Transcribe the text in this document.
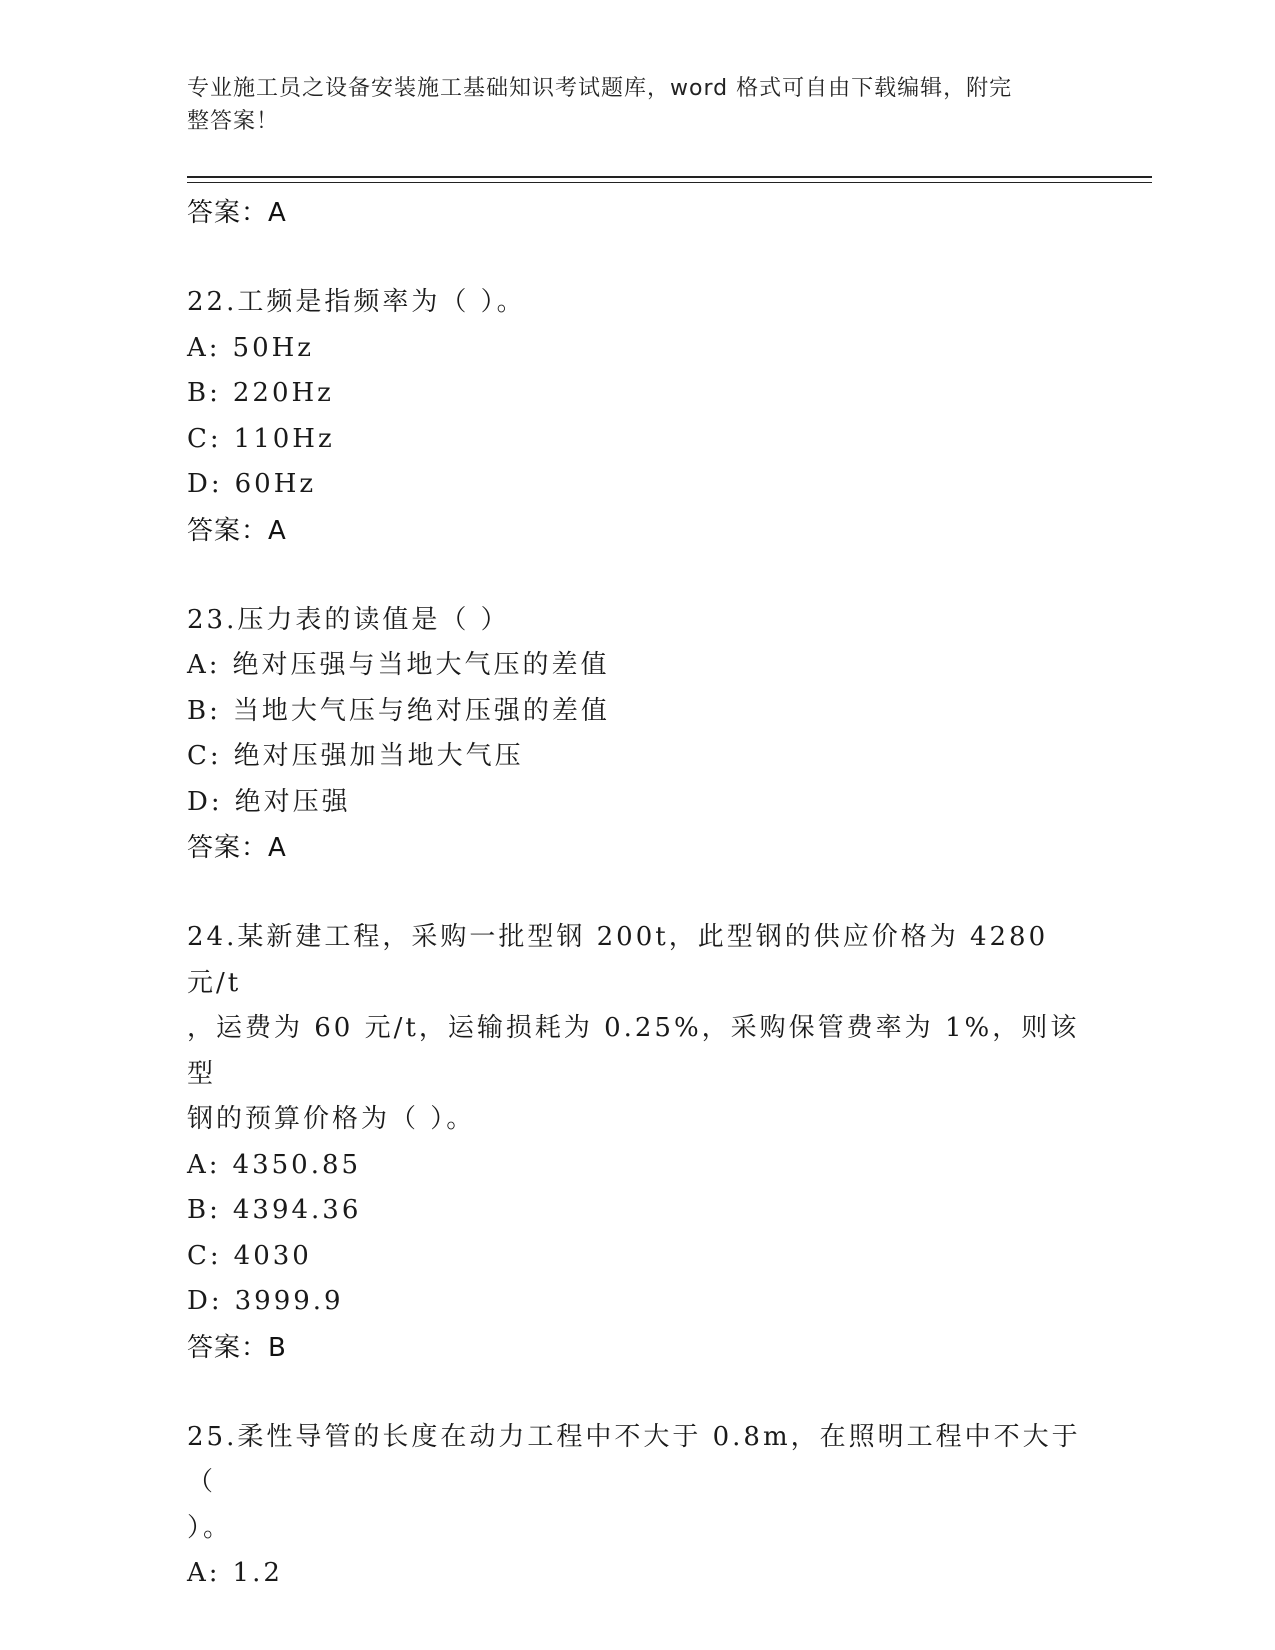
专业施工员之设备安装施工基础知识考试题库，word 格式可自由下载编辑，附完
整答案！
答案：A
22.工频是指频率为（ ）。
A: 50Hz
B: 220Hz
C: 110Hz
D: 60Hz
答案：A
23.压力表的读值是（ ）
A: 绝对压强与当地大气压的差值
B: 当地大气压与绝对压强的差值
C: 绝对压强加当地大气压
D: 绝对压强
答案：A
24.某新建工程，采购一批型钢 200t，此型钢的供应价格为 4280 元/t
，运费为 60 元/t，运输损耗为 0.25%，采购保管费率为 1%，则该型
钢的预算价格为（ ）。
A: 4350.85
B: 4394.36
C: 4030
D: 3999.9
答案：B
25.柔性导管的长度在动力工程中不大于 0.8m，在照明工程中不大于（
）。
A: 1.2
